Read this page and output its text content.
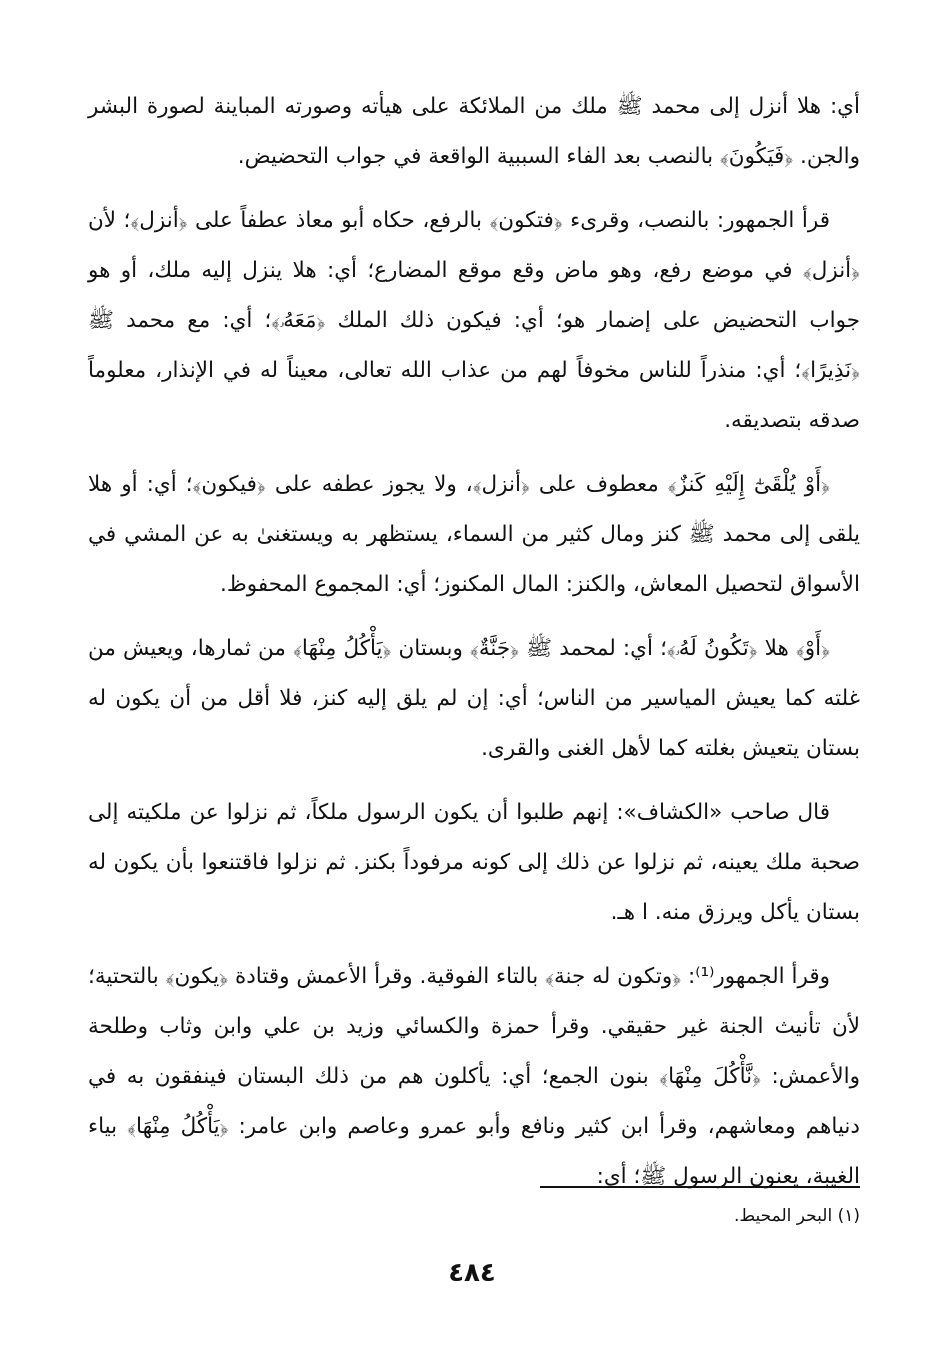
أي: هلا أنزل إلى محمد ﷺ ملك من الملائكة على هيأته وصورته المباينة لصورة البشر والجن. ﴿فَيَكُونَ﴾ بالنصب بعد الفاء السببية الواقعة في جواب التحضيض.

قرأ الجمهور: بالنصب، وقرىء ﴿فتكون﴾ بالرفع، حكاه أبو معاذ عطفاً على ﴿أنزل﴾؛ لأن ﴿أنزل﴾ في موضع رفع، وهو ماض وقع موقع المضارع؛ أي: هلا ينزل إليه ملك، أو هو جواب التحضيض على إضمار هو؛ أي: فيكون ذلك الملك ﴿مَعَهُۥ﴾؛ أي: مع محمد ﷺ ﴿نَذِيرًا﴾؛ أي: منذراً للناس مخوفاً لهم من عذاب الله تعالى، معيناً له في الإنذار، معلوماً صدقه بتصديقه.

﴿أَوْ يُلْقَىٰٓ إِلَيْهِ كَنزٌ﴾ معطوف على ﴿أنزل﴾، ولا يجوز عطفه على ﴿فيكون﴾؛ أي: أو هلا يلقى إلى محمد ﷺ كنز ومال كثير من السماء، يستظهر به ويستغنىٰ به عن المشي في الأسواق لتحصيل المعاش، والكنز: المال المكنوز؛ أي: المجموع المحفوظ.

﴿أَوْ﴾ هلا ﴿تَكُونُ لَهُۥ﴾؛ أي: لمحمد ﷺ ﴿جَنَّةٌ﴾ وبستان ﴿يَأْكُلُ مِنْهَا﴾ من ثمارها، ويعيش من غلته كما يعيش المياسير من الناس؛ أي: إن لم يلق إليه كنز، فلا أقل من أن يكون له بستان يتعيش بغلته كما لأهل الغنى والقرى.

قال صاحب «الكشاف»: إنهم طلبوا أن يكون الرسول ملكاً، ثم نزلوا عن ملكيته إلى صحبة ملك يعينه، ثم نزلوا عن ذلك إلى كونه مرفوداً بكنز. ثم نزلوا فاقتنعوا بأن يكون له بستان يأكل ويرزق منه. ا هـ.

وقرأ الجمهور⁽¹⁾: ﴿وتكون له جنة﴾ بالتاء الفوقية. وقرأ الأعمش وقتادة ﴿يكون﴾ بالتحتية؛ لأن تأنيث الجنة غير حقيقي. وقرأ حمزة والكسائي وزيد بن علي وابن وثاب وطلحة والأعمش: ﴿نَّأْكُلَ مِنْهَا﴾ بنون الجمع؛ أي: يأكلون هم من ذلك البستان فينفقون به في دنياهم ومعاشهم، وقرأ ابن كثير ونافع وأبو عمرو وعاصم وابن عامر: ﴿يَأْكُلُ مِنْهَا﴾ بياء الغيبة، يعنون الرسول ﷺ؛ أي:

(١) البحر المحيط.
٤٨٤
